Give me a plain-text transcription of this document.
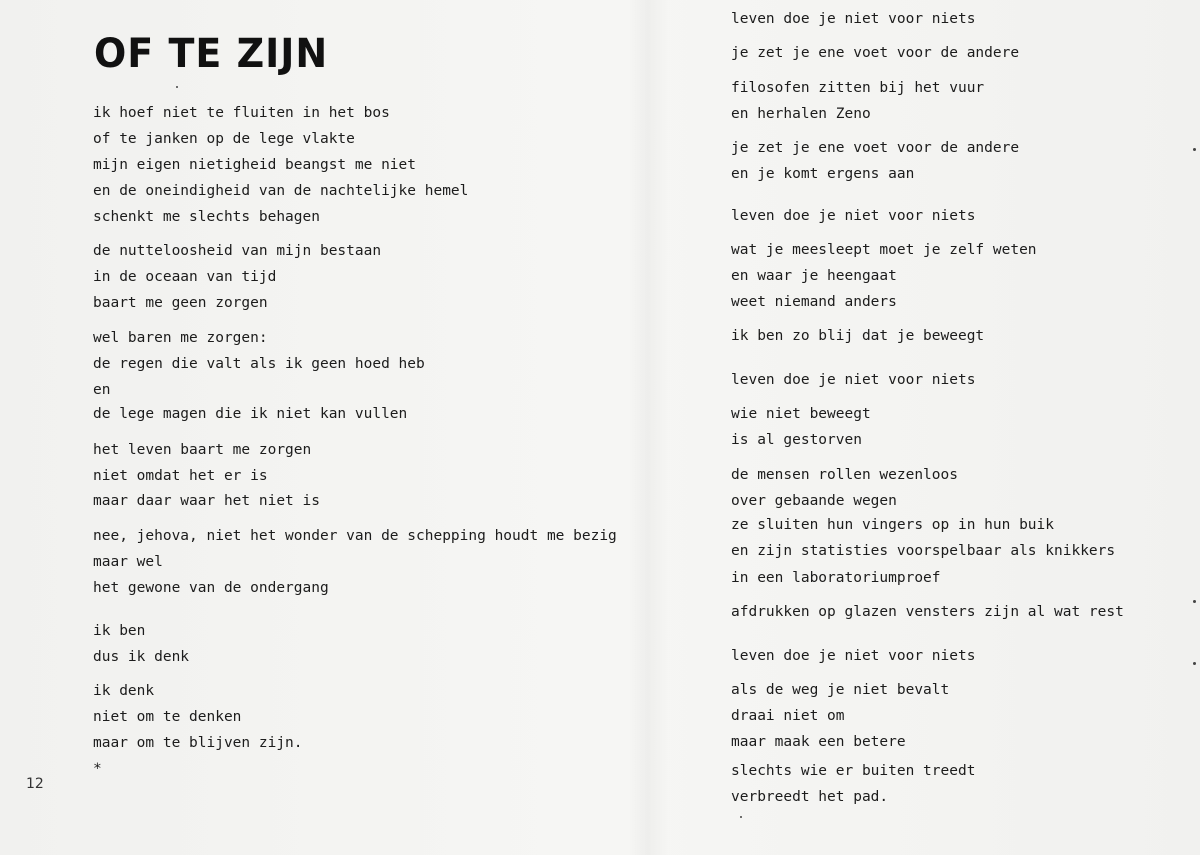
OF TE ZIJN

ik hoef niet te fluiten in het bos

of te janken op de lege vlakte

mijn eigen nietigheid beangst me niet

en de oneindigheid van de nachtelijke hemel

schenkt me slechts behagen

de nutteloosheid van mijn bestaan

in de oceaan van tijd

baart me geen zorgen

wel baren me zorgen:

de regen die valt als ik geen hoed heb

en

de lege magen die ik niet kan vullen

het leven baart me zorgen

niet omdat het er is

maar daar waar het niet is

nee, jehova, niet het wonder van de schepping houdt me bezig

maar wel

het gewone van de ondergang

ik ben

dus ik denk

ik denk

niet om te denken

maar om te blijven zijn.

*

12

leven doe je niet voor niets

je zet je ene voet voor de andere

filosofen zitten bij het vuur

en herhalen Zeno

je zet je ene voet voor de andere

en je komt ergens aan

leven doe je niet voor niets

wat je meesleept moet je zelf weten

en waar je heengaat

weet niemand anders

ik ben zo blij dat je beweegt

leven doe je niet voor niets

wie niet beweegt

is al gestorven

de mensen rollen wezenloos

over gebaande wegen

ze sluiten hun vingers op in hun buik

en zijn statisties voorspelbaar als knikkers

in een laboratoriumproef

afdrukken op glazen vensters zijn al wat rest

leven doe je niet voor niets

als de weg je niet bevalt

draai niet om

maar maak een betere

slechts wie er buiten treedt

verbreedt het pad.
